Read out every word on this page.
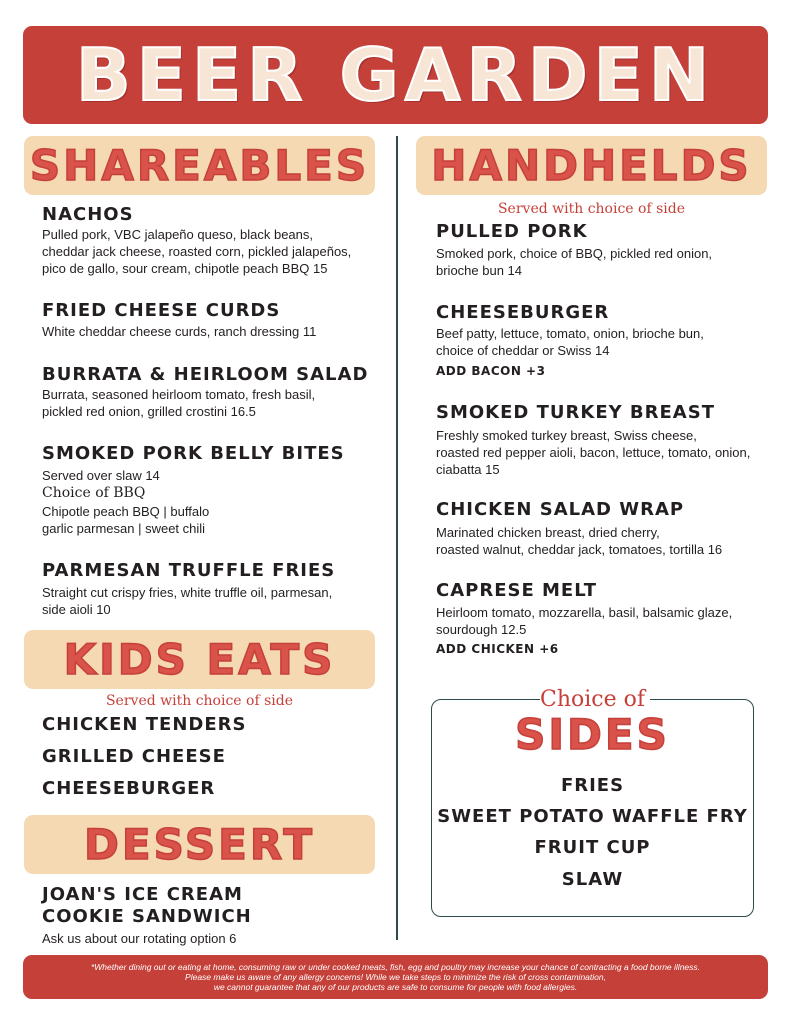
BEER GARDEN
SHAREABLES
NACHOS
Pulled pork, VBC jalapeño queso, black beans,
cheddar jack cheese, roasted corn, pickled jalapeños,
pico de gallo, sour cream, chipotle peach BBQ 15
FRIED CHEESE CURDS
White cheddar cheese curds, ranch dressing 11
BURRATA & HEIRLOOM SALAD
Burrata, seasoned heirloom tomato, fresh basil,
pickled red onion, grilled crostini 16.5
SMOKED PORK BELLY BITES
Served over slaw 14
Choice of BBQ
Chipotle peach BBQ | buffalo
garlic parmesan | sweet chili
PARMESAN TRUFFLE FRIES
Straight cut crispy fries, white truffle oil, parmesan,
side aioli 10
KIDS EATS
Served with choice of side
CHICKEN TENDERS
GRILLED CHEESE
CHEESEBURGER
DESSERT
JOAN'S ICE CREAM
COOKIE SANDWICH
Ask us about our rotating option 6
HANDHELDS
Served with choice of side
PULLED PORK
Smoked pork, choice of BBQ, pickled red onion,
brioche bun 14
CHEESEBURGER
Beef patty, lettuce, tomato, onion, brioche bun,
choice of cheddar or Swiss 14
ADD BACON +3
SMOKED TURKEY BREAST
Freshly smoked turkey breast, Swiss cheese,
roasted red pepper aioli, bacon, lettuce, tomato, onion,
ciabatta 15
CHICKEN SALAD WRAP
Marinated chicken breast, dried cherry,
roasted walnut, cheddar jack, tomatoes, tortilla 16
CAPRESE MELT
Heirloom tomato, mozzarella, basil, balsamic glaze,
sourdough 12.5
ADD CHICKEN +6
Choice of
SIDES
FRIES
SWEET POTATO WAFFLE FRY
FRUIT CUP
SLAW
*Whether dining out or eating at home, consuming raw or under cooked meats, fish, egg and poultry may increase your chance of contracting a food borne illness.
Please make us aware of any allergy concerns! While we take steps to minimize the risk of cross contamination,
we cannot guarantee that any of our products are safe to consume for people with food allergies.
